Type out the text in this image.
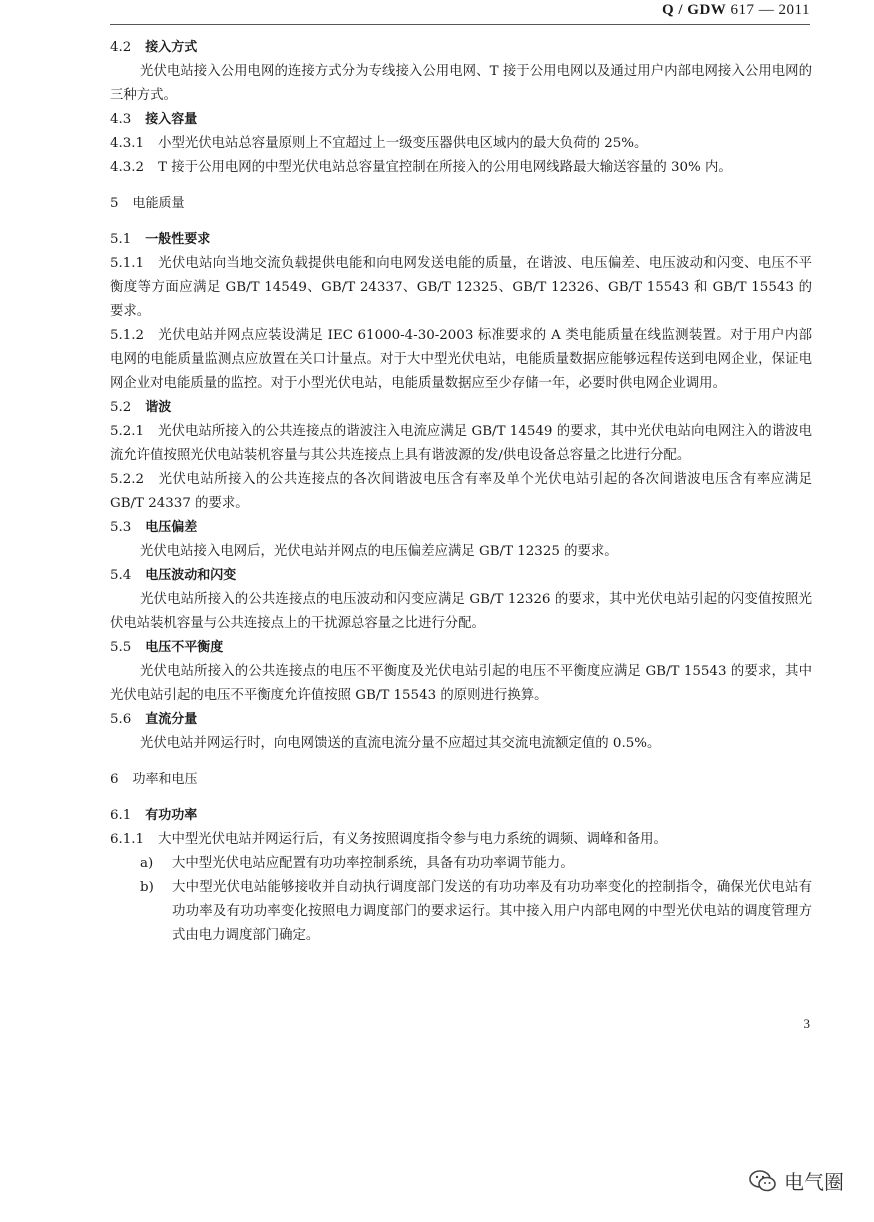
Q / GDW 617 — 2011
4.2 接入方式
光伏电站接入公用电网的连接方式分为专线接入公用电网、T 接于公用电网以及通过用户内部电网接入公用电网的三种方式。
4.3 接入容量
4.3.1 小型光伏电站总容量原则上不宜超过上一级变压器供电区域内的最大负荷的 25%。
4.3.2 T 接于公用电网的中型光伏电站总容量宜控制在所接入的公用电网线路最大输送容量的 30% 内。
5 电能质量
5.1 一般性要求
5.1.1 光伏电站向当地交流负载提供电能和向电网发送电能的质量，在谐波、电压偏差、电压波动和闪变、电压不平衡度等方面应满足 GB/T 14549、GB/T 24337、GB/T 12325、GB/T 12326、GB/T 15543 和 GB/T 15543 的要求。
5.1.2 光伏电站并网点应装设满足 IEC 61000-4-30-2003 标准要求的 A 类电能质量在线监测装置。对于用户内部电网的电能质量监测点应放置在关口计量点。对于大中型光伏电站，电能质量数据应能够远程传送到电网企业，保证电网企业对电能质量的监控。对于小型光伏电站，电能质量数据应至少存储一年，必要时供电网企业调用。
5.2 谐波
5.2.1 光伏电站所接入的公共连接点的谐波注入电流应满足 GB/T 14549 的要求，其中光伏电站向电网注入的谐波电流允许值按照光伏电站装机容量与其公共连接点上具有谐波源的发/供电设备总容量之比进行分配。
5.2.2 光伏电站所接入的公共连接点的各次间谐波电压含有率及单个光伏电站引起的各次间谐波电压含有率应满足 GB/T 24337 的要求。
5.3 电压偏差
光伏电站接入电网后，光伏电站并网点的电压偏差应满足 GB/T 12325 的要求。
5.4 电压波动和闪变
光伏电站所接入的公共连接点的电压波动和闪变应满足 GB/T 12326 的要求，其中光伏电站引起的闪变值按照光伏电站装机容量与公共连接点上的干扰源总容量之比进行分配。
5.5 电压不平衡度
光伏电站所接入的公共连接点的电压不平衡度及光伏电站引起的电压不平衡度应满足 GB/T 15543 的要求，其中光伏电站引起的电压不平衡度允许值按照 GB/T 15543 的原则进行换算。
5.6 直流分量
光伏电站并网运行时，向电网馈送的直流电流分量不应超过其交流电流额定值的 0.5%。
6 功率和电压
6.1 有功功率
6.1.1 大中型光伏电站并网运行后，有义务按照调度指令参与电力系统的调频、调峰和备用。
a)	大中型光伏电站应配置有功功率控制系统，具备有功功率调节能力。
b)	大中型光伏电站能够接收并自动执行调度部门发送的有功功率及有功功率变化的控制指令，确保光伏电站有功功率及有功功率变化按照电力调度部门的要求运行。其中接入用户内部电网的中型光伏电站的调度管理方式由电力调度部门确定。
3
电气圈
